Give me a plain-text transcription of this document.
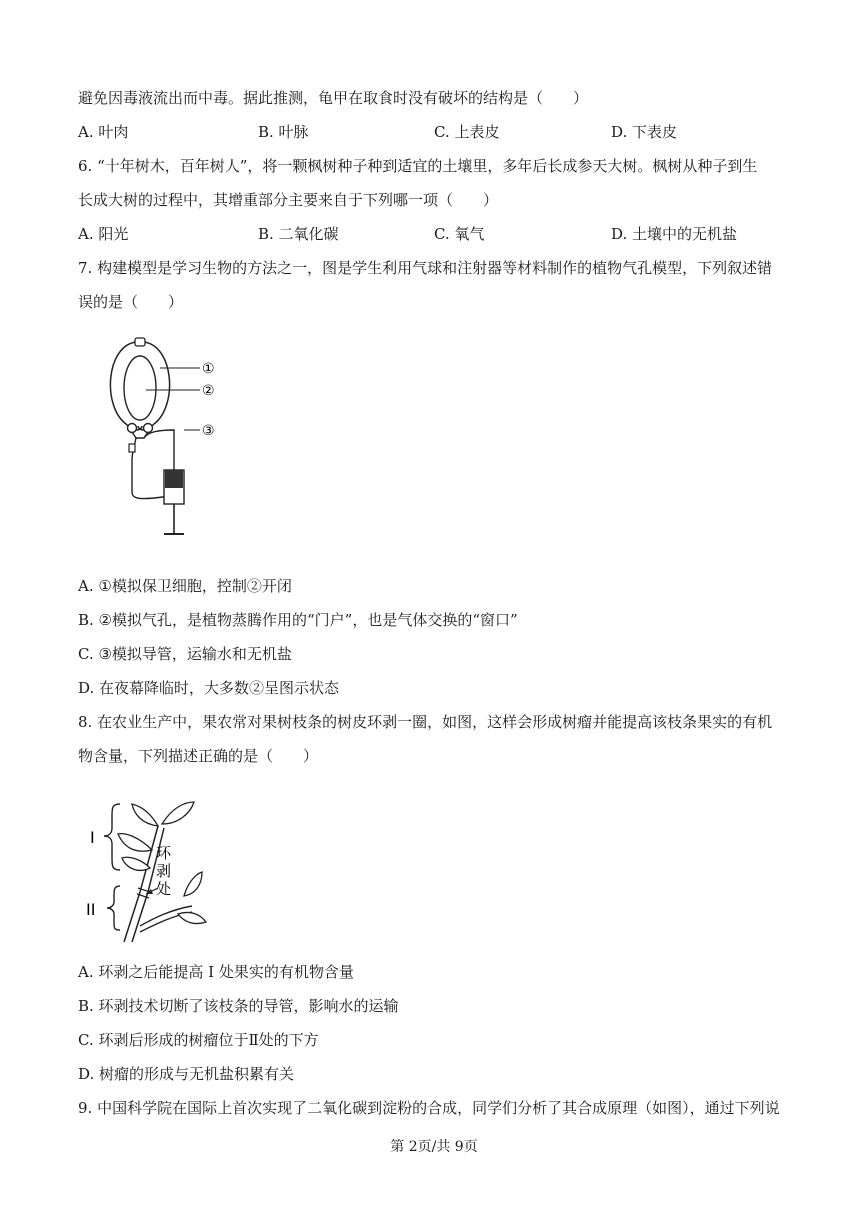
避免因毒液流出而中毒。据此推测，龟甲在取食时没有破坏的结构是（　　）
A. 叶肉	B. 叶脉	C. 上表皮	D. 下表皮
6. “十年树木，百年树人”，将一颗枫树种子种到适宜的土壤里，多年后长成参天大树。枫树从种子到生
长成大树的过程中，其增重部分主要来自于下列哪一项（　　）
A. 阳光	B. 二氧化碳	C. 氧气	D. 土壤中的无机盐
7. 构建模型是学习生物的方法之一，图是学生利用气球和注射器等材料制作的植物气孔模型，下列叙述错
误的是（　　）
①
②
③
A. ①模拟保卫细胞，控制②开闭
B. ②模拟气孔，是植物蒸腾作用的“门户”，也是气体交换的“窗口”
C. ③模拟导管，运输水和无机盐
D. 在夜幕降临时，大多数②呈图示状态
8. 在农业生产中，果农常对果树枝条的树皮环剥一圈，如图，这样会形成树瘤并能提高该枝条果实的有机
物含量，下列描述正确的是（　　）
I
II
环
剥
处
A. 环剥之后能提高 I 处果实的有机物含量
B. 环剥技术切断了该枝条的导管，影响水的运输
C. 环剥后形成的树瘤位于Ⅱ处的下方
D. 树瘤的形成与无机盐积累有关
9. 中国科学院在国际上首次实现了二氧化碳到淀粉的合成，同学们分析了其合成原理（如图），通过下列说
第 2页/共 9页
